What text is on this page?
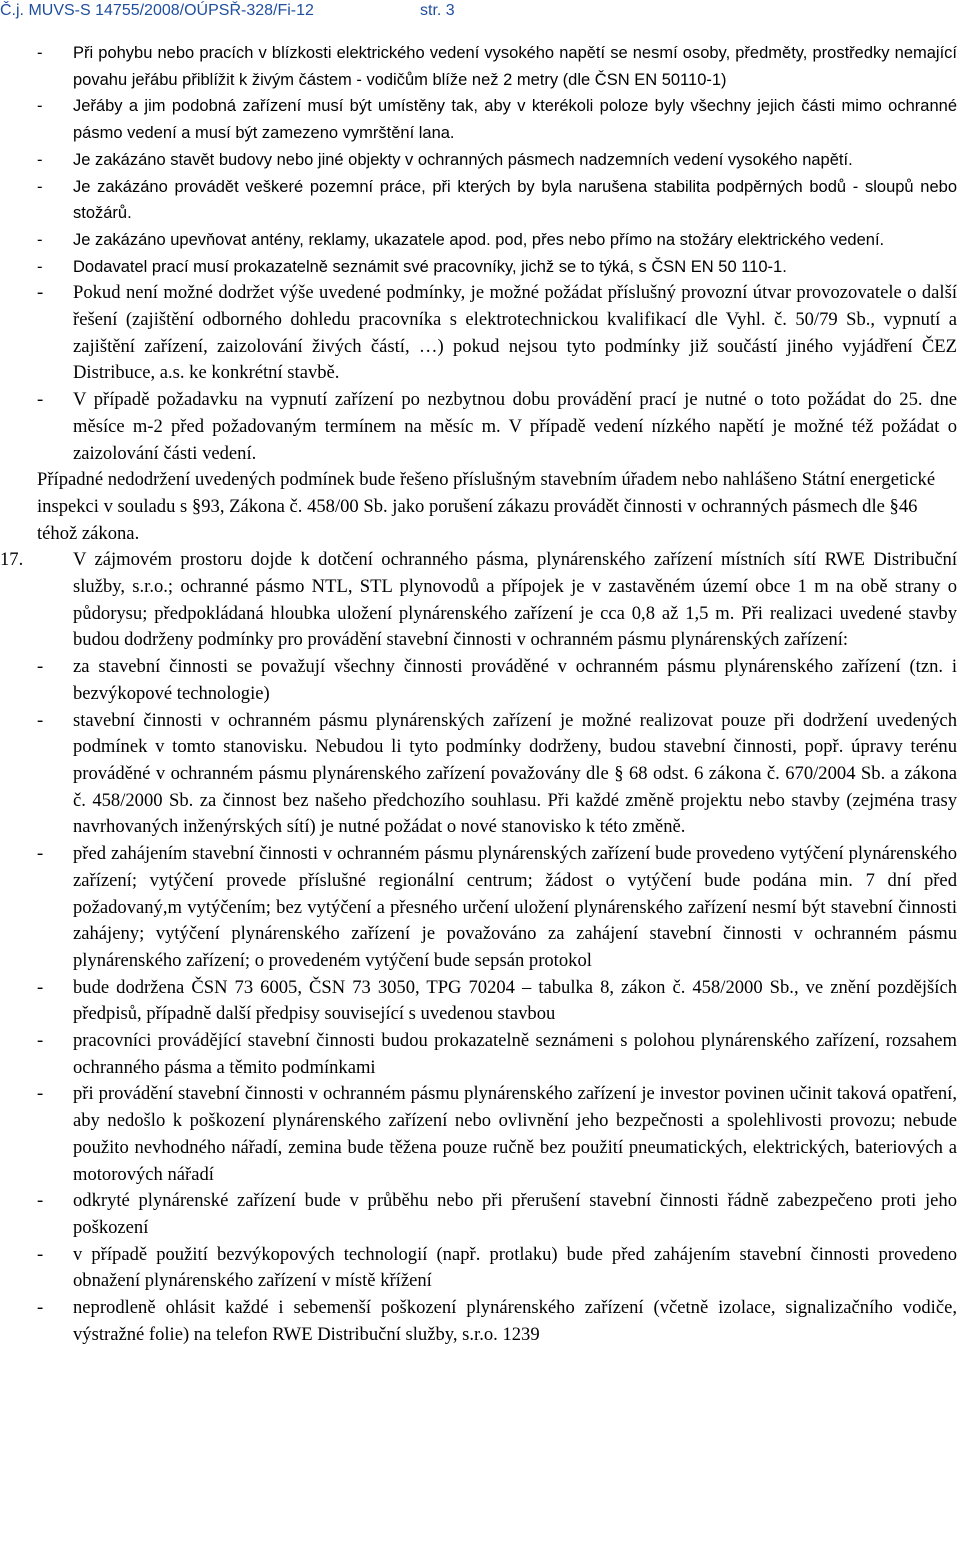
Č.j. MUVS-S 14755/2008/OÚPSŘ-328/Fi-12	str. 3
- Při pohybu nebo pracích v blízkosti elektrického vedení vysokého napětí se nesmí osoby, předměty, prostředky nemající povahu jeřábu přiblížit k živým částem - vodičům blíže než 2 metry (dle ČSN EN 50110-1)
- Jeřáby a jim podobná zařízení musí být umístěny tak, aby v kterékoli poloze byly všechny jejich části mimo ochranné pásmo vedení a musí být zamezeno vymrštění lana.
- Je zakázáno stavět budovy nebo jiné objekty v ochranných pásmech nadzemních vedení vysokého napětí.
- Je zakázáno provádět veškeré pozemní práce, při kterých by byla narušena stabilita podpěrných bodů - sloupů nebo stožárů.
- Je zakázáno upevňovat antény, reklamy, ukazatele apod. pod, přes nebo přímo na stožáry elektrického vedení.
- Dodavatel prací musí prokazatelně seznámit své pracovníky, jichž se to týká, s ČSN EN 50 110-1.
- Pokud není možné dodržet výše uvedené podmínky, je možné požádat příslušný provozní útvar provozovatele o další řešení (zajištění odborného dohledu pracovníka s elektrotechnickou kvalifikací dle Vyhl. č. 50/79 Sb., vypnutí a zajištění zařízení, zaizolování živých částí, …) pokud nejsou tyto podmínky již součástí jiného vyjádření ČEZ Distribuce, a.s. ke konkrétní stavbě.
- V případě požadavku na vypnutí zařízení po nezbytnou dobu provádění prací je nutné o toto požádat do 25. dne měsíce m-2 před požadovaným termínem na měsíc m. V případě vedení nízkého napětí je možné též požádat o zaizolování části vedení.
Případné nedodržení uvedených podmínek bude řešeno příslušným stavebním úřadem nebo nahlášeno Státní energetické inspekci v souladu s §93, Zákona č. 458/00 Sb. jako porušení zákazu provádět činnosti v ochranných pásmech dle §46 téhož zákona.
17.	V zájmovém prostoru dojde k dotčení ochranného pásma, plynárenského zařízení místních sítí RWE Distribuční služby, s.r.o.; ochranné pásmo NTL, STL plynovodů a přípojek je v zastavěném území obce 1 m na obě strany o půdorysu; předpokládaná hloubka uložení plynárenského zařízení je cca 0,8 až 1,5 m. Při realizaci uvedené stavby budou dodrženy podmínky pro provádění stavební činnosti v ochranném pásmu plynárenských zařízení:
- za stavební činnosti se považují všechny činnosti prováděné v ochranném pásmu plynárenského zařízení (tzn. i bezvýkopové technologie)
- stavební činnosti v ochranném pásmu plynárenských zařízení je možné realizovat pouze při dodržení uvedených podmínek v tomto stanovisku. Nebudou li tyto podmínky dodrženy, budou stavební činnosti, popř. úpravy terénu prováděné v ochranném pásmu plynárenského zařízení považovány dle § 68 odst. 6 zákona č. 670/2004 Sb. a zákona č. 458/2000 Sb. za činnost bez našeho předchozího souhlasu. Při každé změně projektu nebo stavby (zejména trasy navrhovaných inženýrských sítí) je nutné požádat o nové stanovisko k této změně.
- před zahájením stavební činnosti v ochranném pásmu plynárenských zařízení bude provedeno vytýčení plynárenského zařízení; vytýčení provede příslušné regionální centrum; žádost o vytýčení bude podána min. 7 dní před požadovaný,m vytýčením; bez vytýčení a přesného určení uložení plynárenského zařízení nesmí být stavební činnosti zahájeny; vytýčení plynárenského zařízení je považováno za zahájení stavební činnosti v ochranném pásmu plynárenského zařízení; o provedeném vytýčení bude sepsán protokol
- bude dodržena ČSN 73 6005, ČSN 73 3050, TPG 70204 – tabulka 8, zákon č. 458/2000 Sb., ve znění pozdějších předpisů, případně další předpisy související s uvedenou stavbou
- pracovníci provádějící stavební činnosti budou prokazatelně seznámeni s polohou plynárenského zařízení, rozsahem ochranného pásma a těmito podmínkami
- při provádění stavební činnosti v ochranném pásmu plynárenského zařízení je investor povinen učinit taková opatření, aby nedošlo k poškození plynárenského zařízení nebo ovlivnění jeho bezpečnosti a spolehlivosti provozu; nebude použito nevhodného nářadí, zemina bude těžena pouze ručně bez použití pneumatických, elektrických, bateriových a motorových nářadí
- odkryté plynárenské zařízení bude v průběhu nebo při přerušení stavební činnosti řádně zabezpečeno proti jeho poškození
- v případě použití bezvýkopových technologií (např. protlaku) bude před zahájením stavební činnosti provedeno obnažení plynárenského zařízení v místě křížení
- neprodleně ohlásit každé i sebemenší poškození plynárenského zařízení (včetně izolace, signalizačního vodiče, výstražné folie) na telefon RWE Distribuční služby, s.r.o. 1239
